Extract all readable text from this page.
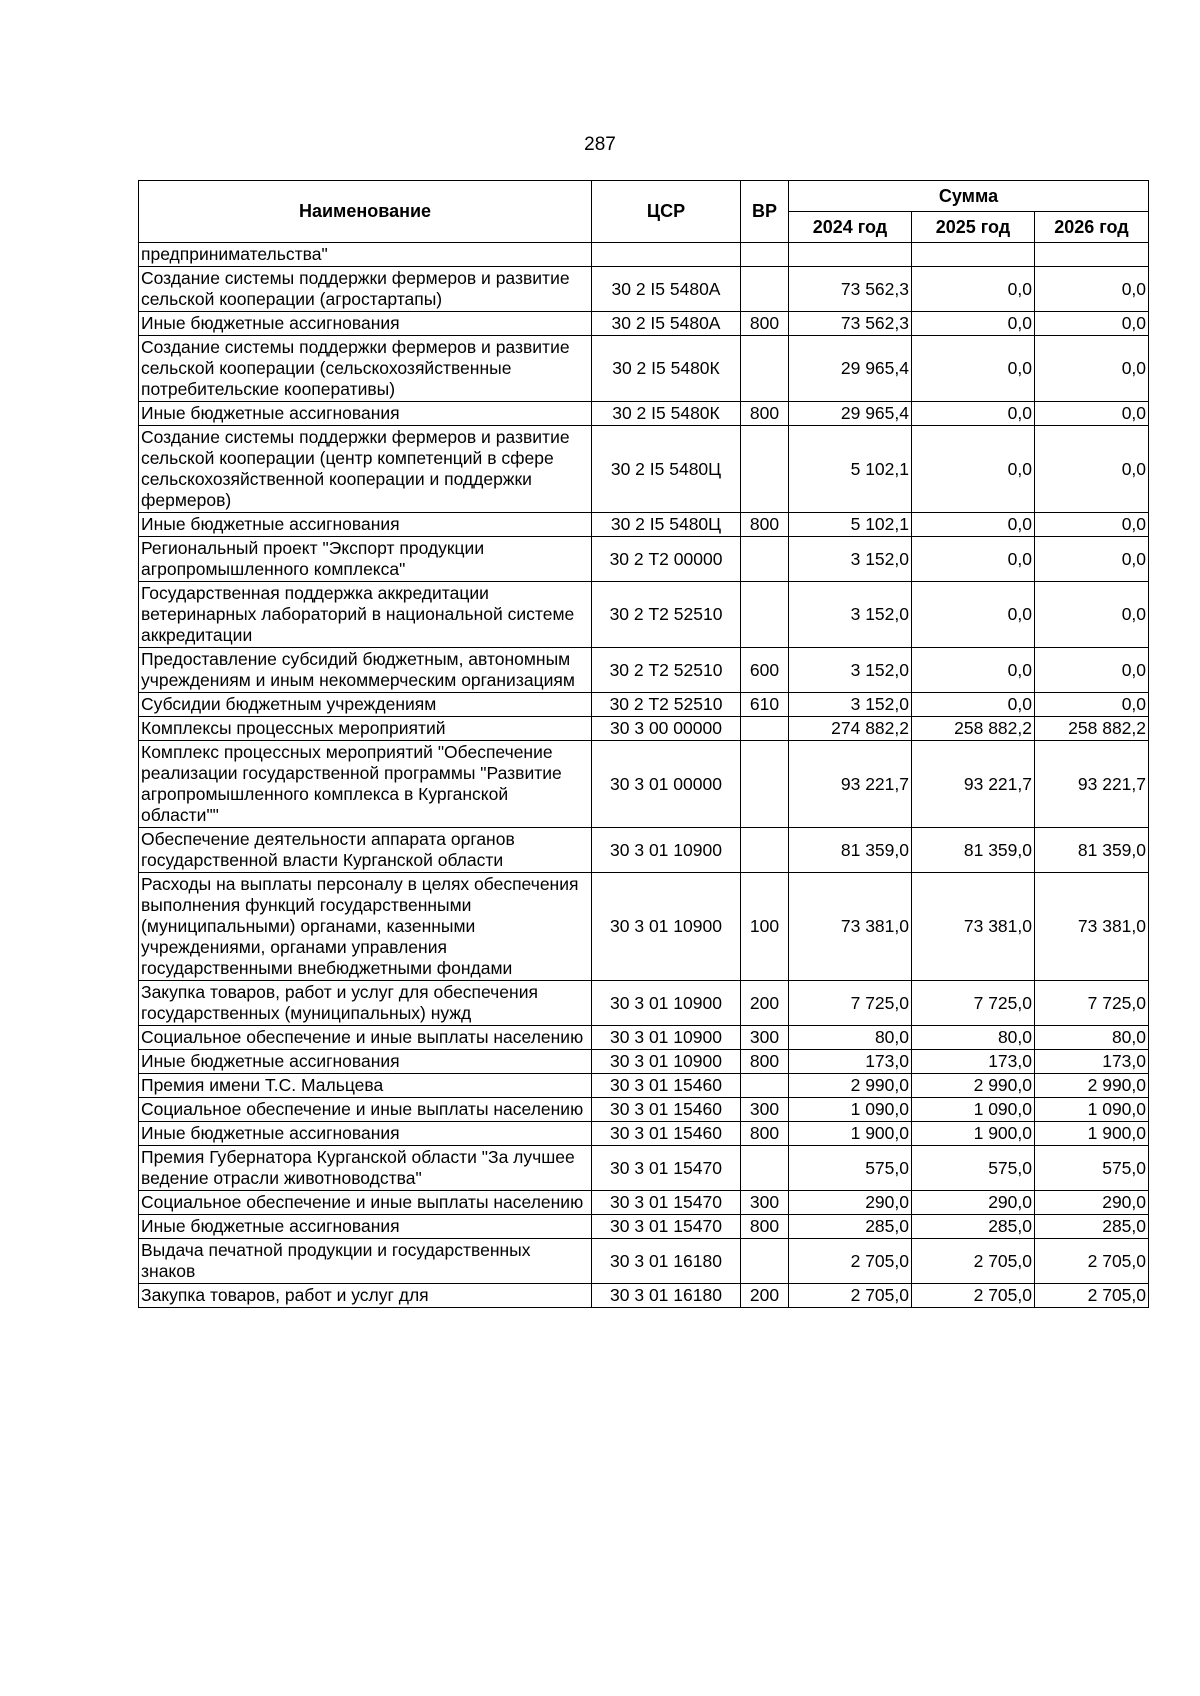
287
Наименование	ЦСР	ВР	Сумма		
			2024 год	2025 год	2026 год
предпринимательства"					
Создание системы поддержки фермеров и развитие сельской кооперации (агростартапы)	30 2 I5 5480А		73 562,3	0,0	0,0
Иные бюджетные ассигнования	30 2 I5 5480А	800	73 562,3	0,0	0,0
Создание системы поддержки фермеров и развитие сельской кооперации (сельскохозяйственные потребительские кооперативы)	30 2 I5 5480К		29 965,4	0,0	0,0
Иные бюджетные ассигнования	30 2 I5 5480К	800	29 965,4	0,0	0,0
Создание системы поддержки фермеров и развитие сельской кооперации (центр компетенций в сфере сельскохозяйственной кооперации и поддержки фермеров)	30 2 I5 5480Ц		5 102,1	0,0	0,0
Иные бюджетные ассигнования	30 2 I5 5480Ц	800	5 102,1	0,0	0,0
Региональный проект "Экспорт продукции агропромышленного комплекса"	30 2 Т2 00000		3 152,0	0,0	0,0
Государственная поддержка аккредитации ветеринарных лабораторий в национальной системе аккредитации	30 2 Т2 52510		3 152,0	0,0	0,0
Предоставление субсидий бюджетным, автономным учреждениям и иным некоммерческим организациям	30 2 Т2 52510	600	3 152,0	0,0	0,0
Субсидии бюджетным учреждениям	30 2 Т2 52510	610	3 152,0	0,0	0,0
Комплексы процессных мероприятий	30 3 00 00000		274 882,2	258 882,2	258 882,2
Комплекс процессных мероприятий "Обеспечение реализации государственной программы "Развитие агропромышленного комплекса в Курганской области""	30 3 01 00000		93 221,7	93 221,7	93 221,7
Обеспечение деятельности аппарата органов государственной власти Курганской области	30 3 01 10900		81 359,0	81 359,0	81 359,0
Расходы на выплаты персоналу в целях обеспечения выполнения функций государственными (муниципальными) органами, казенными учреждениями, органами управления государственными внебюджетными фондами	30 3 01 10900	100	73 381,0	73 381,0	73 381,0
Закупка товаров, работ и услуг для обеспечения государственных (муниципальных) нужд	30 3 01 10900	200	7 725,0	7 725,0	7 725,0
Социальное обеспечение и иные выплаты населению	30 3 01 10900	300	80,0	80,0	80,0
Иные бюджетные ассигнования	30 3 01 10900	800	173,0	173,0	173,0
Премия имени Т.С. Мальцева	30 3 01 15460		2 990,0	2 990,0	2 990,0
Социальное обеспечение и иные выплаты населению	30 3 01 15460	300	1 090,0	1 090,0	1 090,0
Иные бюджетные ассигнования	30 3 01 15460	800	1 900,0	1 900,0	1 900,0
Премия Губернатора Курганской области "За лучшее ведение отрасли животноводства"	30 3 01 15470		575,0	575,0	575,0
Социальное обеспечение и иные выплаты населению	30 3 01 15470	300	290,0	290,0	290,0
Иные бюджетные ассигнования	30 3 01 15470	800	285,0	285,0	285,0
Выдача печатной продукции и государственных знаков	30 3 01 16180		2 705,0	2 705,0	2 705,0
Закупка товаров, работ и услуг для	30 3 01 16180	200	2 705,0	2 705,0	2 705,0
